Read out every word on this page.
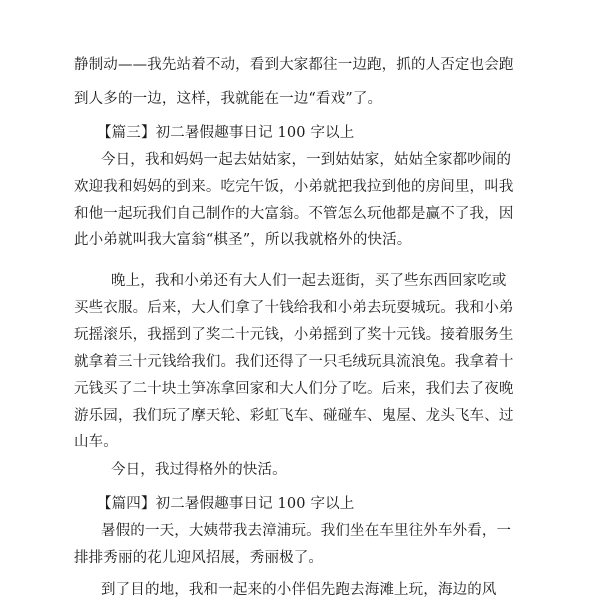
静制动——我先站着不动，看到大家都往一边跑，抓的人否定也会跑
到人多的一边，这样，我就能在一边“看戏”了。
【篇三】初二暑假趣事日记 100 字以上
今日，我和妈妈一起去姑姑家，一到姑姑家，姑姑全家都吵闹的
欢迎我和妈妈的到来。吃完午饭，小弟就把我拉到他的房间里，叫我
和他一起玩我们自己制作的大富翁。不管怎么玩他都是赢不了我，因
此小弟就叫我大富翁“棋圣”，所以我就格外的快活。
晚上，我和小弟还有大人们一起去逛街，买了些东西回家吃或
买些衣服。后来，大人们拿了十钱给我和小弟去玩耍城玩。我和小弟
玩摇滚乐，我摇到了奖二十元钱，小弟摇到了奖十元钱。接着服务生
就拿着三十元钱给我们。我们还得了一只毛绒玩具流浪兔。我拿着十
元钱买了二十块土笋冻拿回家和大人们分了吃。后来，我们去了夜晚
游乐园，我们玩了摩天轮、彩虹飞车、碰碰车、鬼屋、龙头飞车、过
山车。
今日，我过得格外的快活。
【篇四】初二暑假趣事日记 100 字以上
暑假的一天，大姨带我去漳浦玩。我们坐在车里往外车外看，一
排排秀丽的花儿迎风招展，秀丽极了。
到了目的地，我和一起来的小伴侣先跑去海滩上玩，海边的风
